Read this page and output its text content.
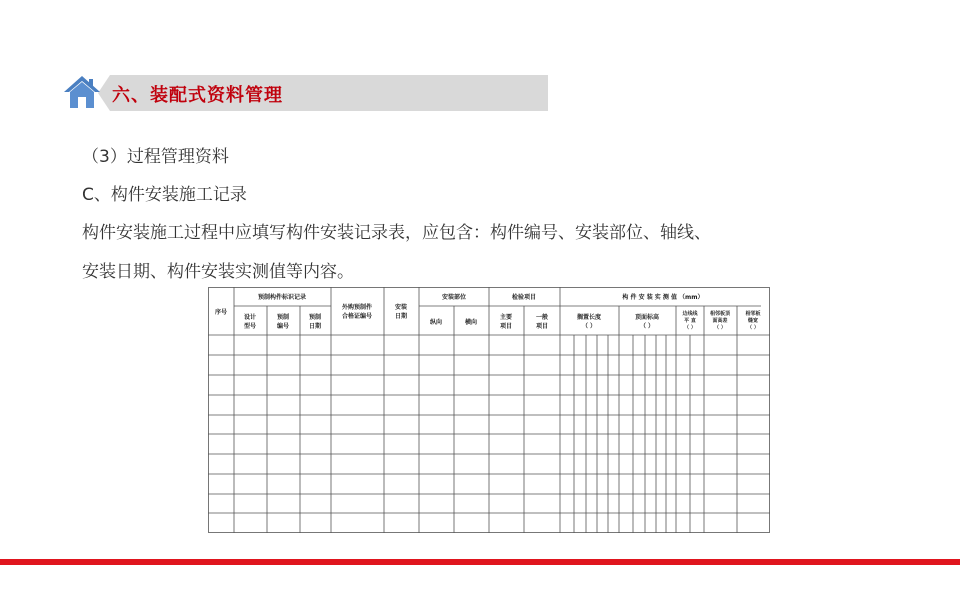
六、装配式资料管理
（3）过程管理资料
C、构件安装施工记录
构件安装施工过程中应填写构件安装记录表，应包含：构件编号、安装部位、轴线、
安装日期、构件安装实测值等内容。
序号
预制构件标识记录
设计
型号
预制
编号
预制
日期
外购预制件
合格证编号
安装
日期
安装部位
纵向	横向
检验项目
主要
项目
一般
项目
构 件 安 装 实 测 值 （mm）
搁置长度
（ ）
顶面标高
（ ）
边线线
平 直
（ ）
相邻板顶
面高差
（ ）
相邻板
缝宽
（ ）
